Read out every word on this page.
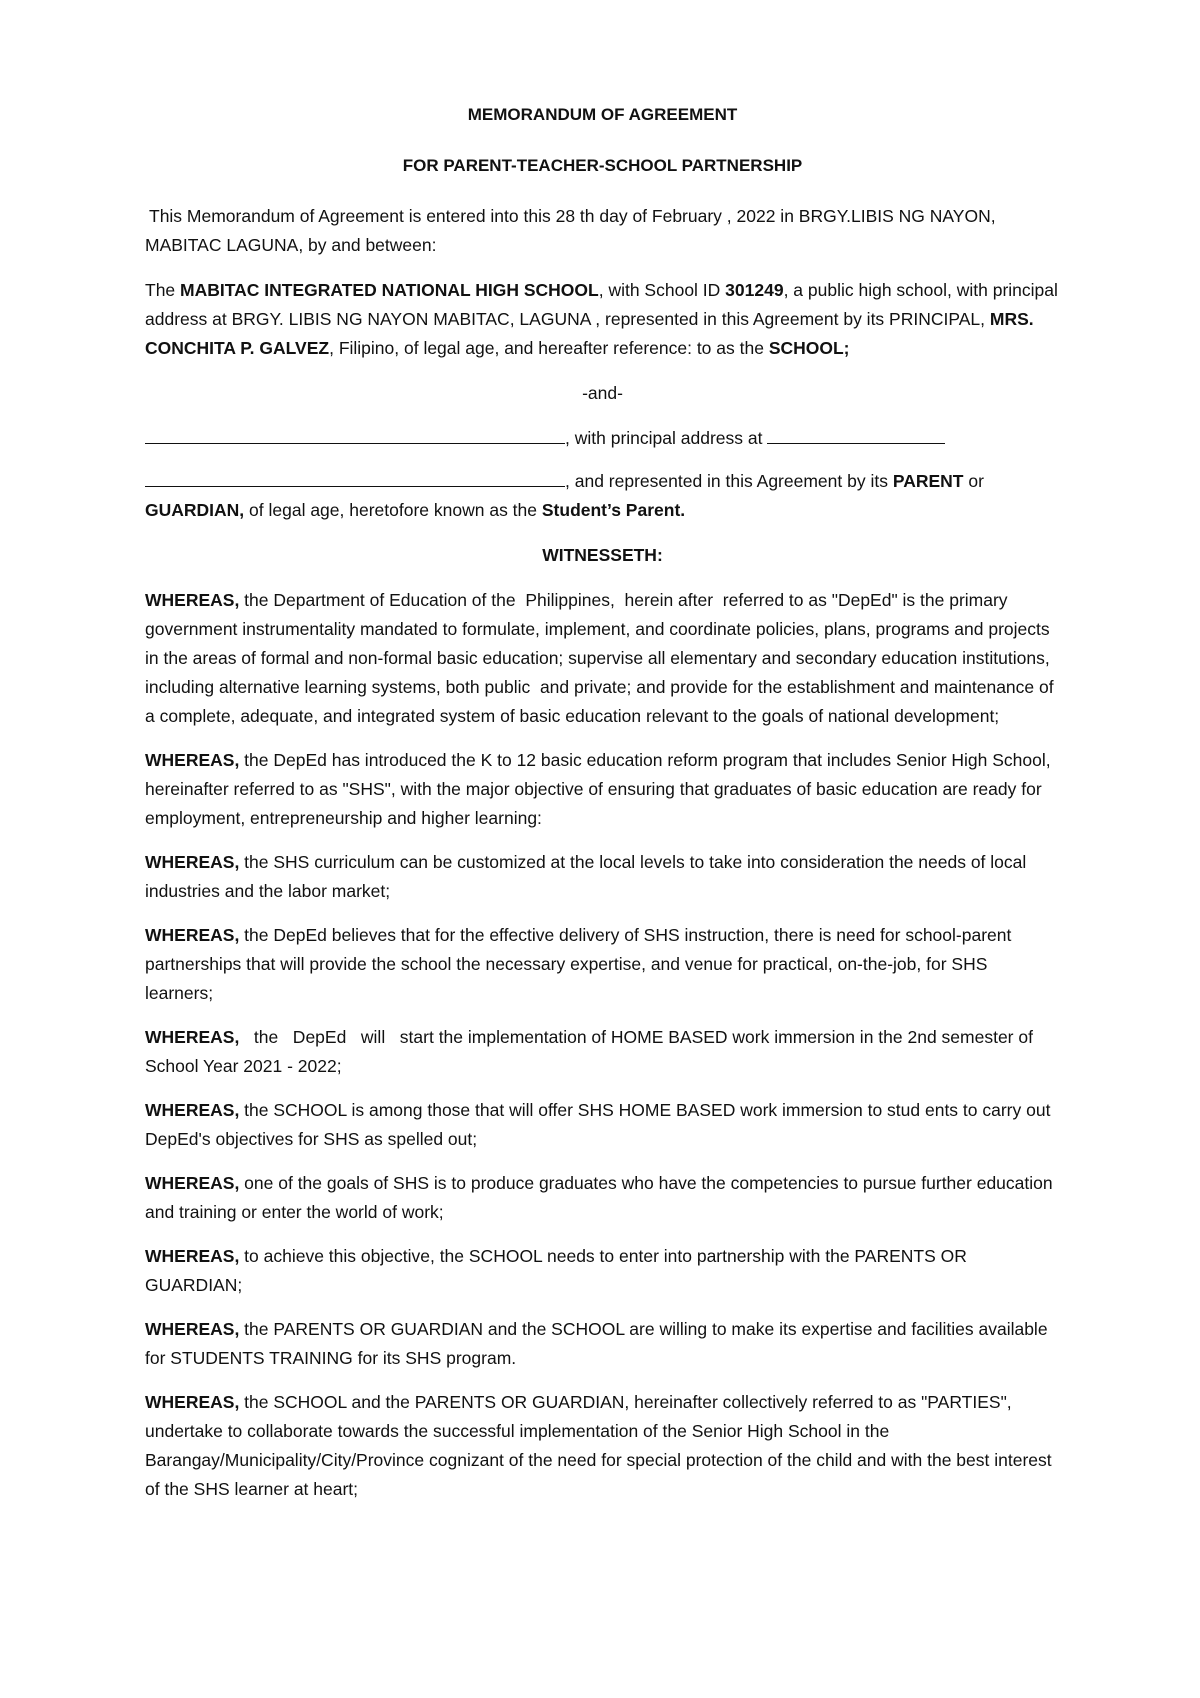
MEMORANDUM OF AGREEMENT
FOR PARENT-TEACHER-SCHOOL PARTNERSHIP

This Memorandum of Agreement is entered into this 28 th day of February , 2022 in BRGY.LIBIS NG NAYON, MABITAC LAGUNA, by and between:

The MABITAC INTEGRATED NATIONAL HIGH SCHOOL, with School ID 301249, a public high school, with principal address at BRGY. LIBIS NG NAYON MABITAC, LAGUNA , represented in this Agreement by its PRINCIPAL, MRS. CONCHITA P. GALVEZ, Filipino, of legal age, and hereafter reference: to as the SCHOOL;

-and-

, with principal address at

, and represented in this Agreement by its PARENT or
GUARDIAN, of legal age, heretofore known as the Student’s Parent.

WITNESSETH:

WHEREAS, the Department of Education of the  Philippines,  herein after  referred to as "DepEd" is the primary government instrumentality mandated to formulate, implement, and coordinate policies, plans, programs and projects in the areas of formal and non-formal basic education; supervise all elementary and secondary education institutions, including alternative learning systems, both public  and private; and provide for the establishment and maintenance of a complete, adequate, and integrated system of basic education relevant to the goals of national development;

WHEREAS, the DepEd has introduced the K to 12 basic education reform program that includes Senior High School, hereinafter referred to as "SHS", with the major objective of ensuring that graduates of basic education are ready for employment, entrepreneurship and higher learning:

WHEREAS, the SHS curriculum can be customized at the local levels to take into consideration the needs of local industries and the labor market;

WHEREAS, the DepEd believes that for the effective delivery of SHS instruction, there is need for school-parent partnerships that will provide the school the necessary expertise, and venue for practical, on-the-job, for SHS learners;

WHEREAS,   the   DepEd   will   start the implementation of HOME BASED work immersion in the 2nd semester of School Year 2021 - 2022;

WHEREAS, the SCHOOL is among those that will offer SHS HOME BASED work immersion to stud ents to carry out DepEd's objectives for SHS as spelled out;

WHEREAS, one of the goals of SHS is to produce graduates who have the competencies to pursue further education and training or enter the world of work;

WHEREAS, to achieve this objective, the SCHOOL needs to enter into partnership with the PARENTS OR GUARDIAN;

WHEREAS, the PARENTS OR GUARDIAN and the SCHOOL are willing to make its expertise and facilities available for STUDENTS TRAINING for its SHS program.

WHEREAS, the SCHOOL and the PARENTS OR GUARDIAN, hereinafter collectively referred to as "PARTIES", undertake to collaborate towards the successful implementation of the Senior High School in the Barangay/Municipality/City/Province cognizant of the need for special protection of the child and with the best interest of the SHS learner at heart;
